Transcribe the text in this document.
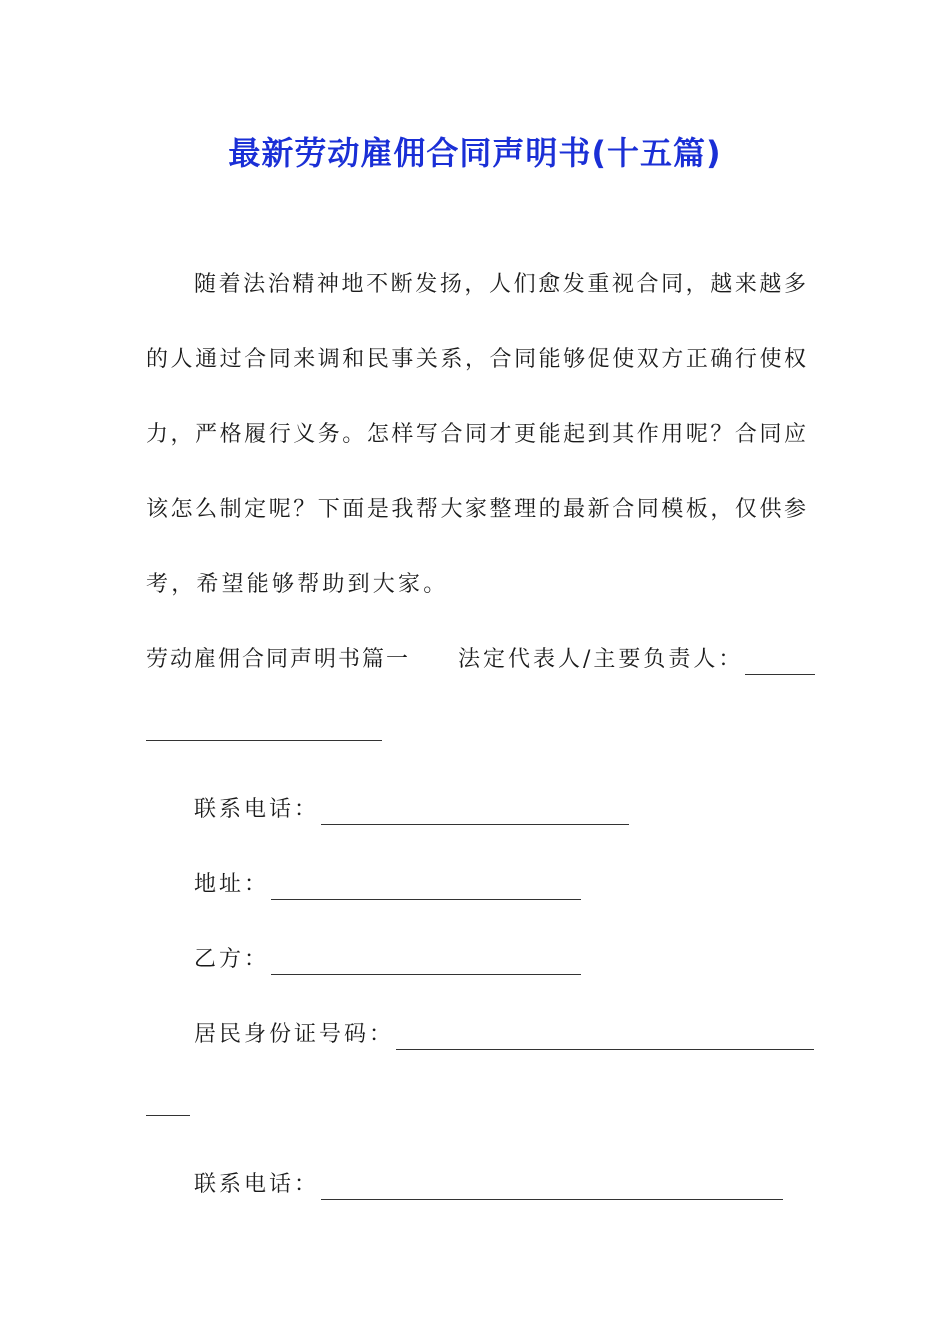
最新劳动雇佣合同声明书(十五篇)
随着法治精神地不断发扬，人们愈发重视合同，越来越多
的人通过合同来调和民事关系，合同能够促使双方正确行使权
力，严格履行义务。怎样写合同才更能起到其作用呢？合同应
该怎么制定呢？下面是我帮大家整理的最新合同模板，仅供参
考，希望能够帮助到大家。
劳动雇佣合同声明书篇一 法定代表人/主要负责人：
联系电话：
地址：
乙方：
居民身份证号码：
联系电话：
